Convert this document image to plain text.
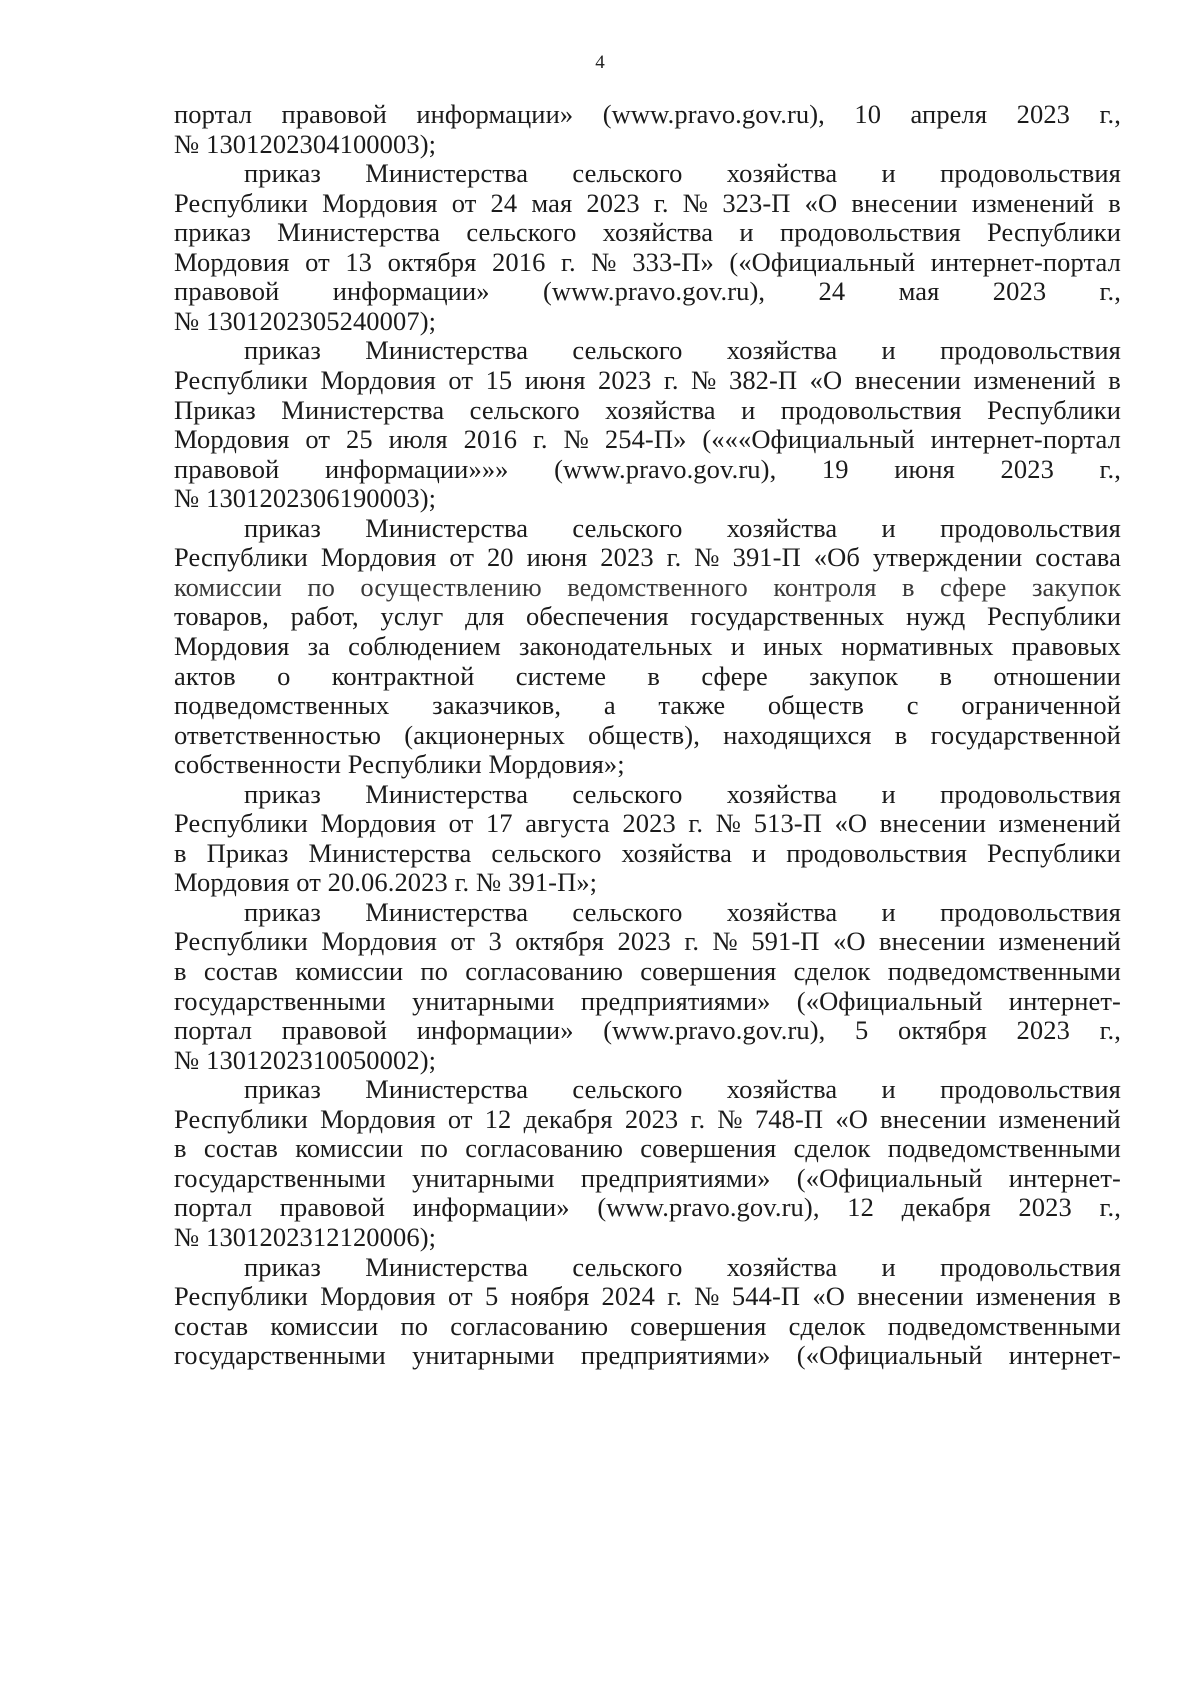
4
портал правовой информации» (www.pravo.gov.ru), 10 апреля 2023 г.,
№ 1301202304100003);
приказ Министерства сельского хозяйства и продовольствия
Республики Мордовия от 24 мая 2023 г. № 323-П «О внесении изменений в
приказ Министерства сельского хозяйства и продовольствия Республики
Мордовия от 13 октября 2016 г. № 333-П» («Официальный интернет-портал
правовой информации» (www.pravo.gov.ru), 24 мая 2023 г.,
№ 1301202305240007);
приказ Министерства сельского хозяйства и продовольствия
Республики Мордовия от 15 июня 2023 г. № 382-П «О внесении изменений в
Приказ Министерства сельского хозяйства и продовольствия Республики
Мордовия от 25 июля 2016 г. № 254-П» («««Официальный интернет-портал
правовой информации»»» (www.pravo.gov.ru), 19 июня 2023 г.,
№ 1301202306190003);
приказ Министерства сельского хозяйства и продовольствия
Республики Мордовия от 20 июня 2023 г. № 391-П «Об утверждении состава
комиссии по осуществлению ведомственного контроля в сфере закупок
товаров, работ, услуг для обеспечения государственных нужд Республики
Мордовия за соблюдением законодательных и иных нормативных правовых
актов о контрактной системе в сфере закупок в отношении
подведомственных заказчиков, а также обществ с ограниченной
ответственностью (акционерных обществ), находящихся в государственной
собственности Республики Мордовия»;
приказ Министерства сельского хозяйства и продовольствия
Республики Мордовия от 17 августа 2023 г. № 513-П «О внесении изменений
в Приказ Министерства сельского хозяйства и продовольствия Республики
Мордовия от 20.06.2023 г. № 391-П»;
приказ Министерства сельского хозяйства и продовольствия
Республики Мордовия от 3 октября 2023 г. № 591-П «О внесении изменений
в состав комиссии по согласованию совершения сделок подведомственными
государственными унитарными предприятиями» («Официальный интернет-
портал правовой информации» (www.pravo.gov.ru), 5 октября 2023 г.,
№ 1301202310050002);
приказ Министерства сельского хозяйства и продовольствия
Республики Мордовия от 12 декабря 2023 г. № 748-П «О внесении изменений
в состав комиссии по согласованию совершения сделок подведомственными
государственными унитарными предприятиями» («Официальный интернет-
портал правовой информации» (www.pravo.gov.ru), 12 декабря 2023 г.,
№ 1301202312120006);
приказ Министерства сельского хозяйства и продовольствия
Республики Мордовия от 5 ноября 2024 г. № 544-П «О внесении изменения в
состав комиссии по согласованию совершения сделок подведомственными
государственными унитарными предприятиями» («Официальный интернет-
